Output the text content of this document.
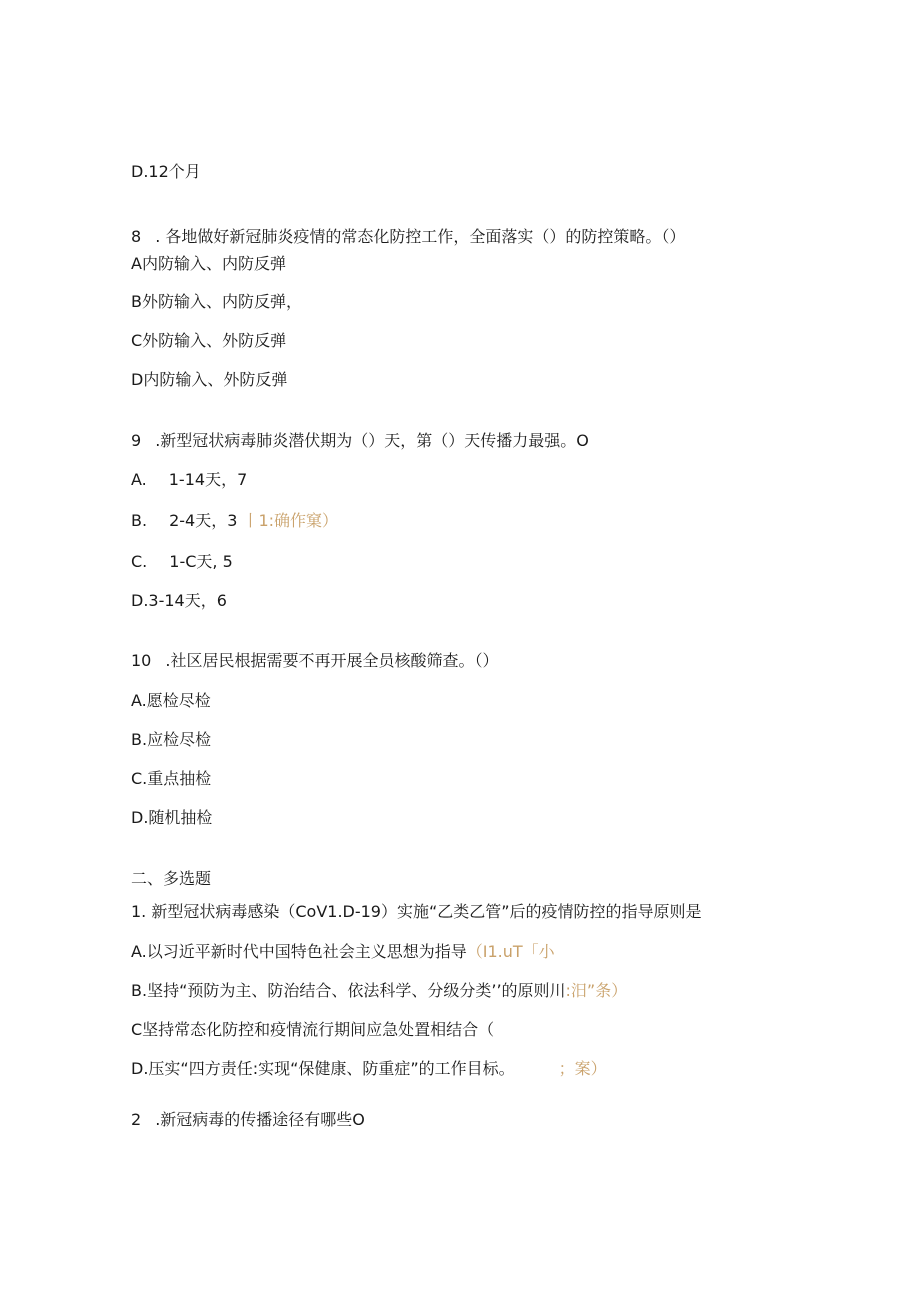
D.12个月

8 . 各地做好新冠肺炎疫情的常态化防控工作，全面落实（）的防控策略。（）

A内防输入、内防反弹

B外防输入、内防反弹，

C外防输入、外防反弹

D内防输入、外防反弹

9 .新型冠状病毒肺炎潜伏期为（）天，第（）天传播力最强。O

A. 1-14天，7

B. 2-4天，3 丨1:确作窠）

C. 1-C天, 5

D.3-14天，6

10 .社区居民根据需要不再开展全员核酸筛查。（）

A.愿检尽检

B.应检尽检

C.重点抽检

D.随机抽检

二、多选题

1. 新型冠状病毒感染（CoV1.D-19）实施“乙类乙管”后的疫情防控的指导原则是

A.以习近平新时代中国特色社会主义思想为指导（I1.uT「小

B.坚持“预防为主、防治结合、依法科学、分级分类’’的原则川:汨”条）

C坚持常态化防控和疫情流行期间应急处置相结合（

D.压实“四方责任:实现“保健康、防重症”的工作目标。	；案）

2 .新冠病毒的传播途径有哪些O
